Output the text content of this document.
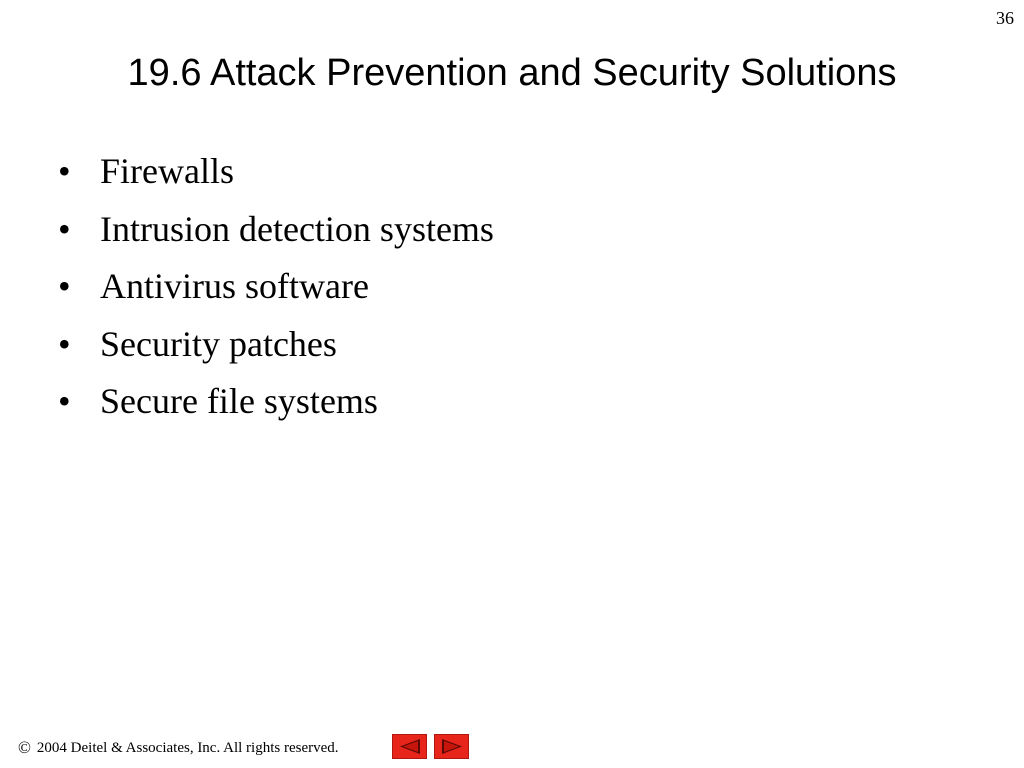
36
19.6 Attack Prevention and Security Solutions
• Firewalls
• Intrusion detection systems
• Antivirus software
• Security patches
• Secure file systems
© 2004 Deitel & Associates, Inc. All rights reserved.
